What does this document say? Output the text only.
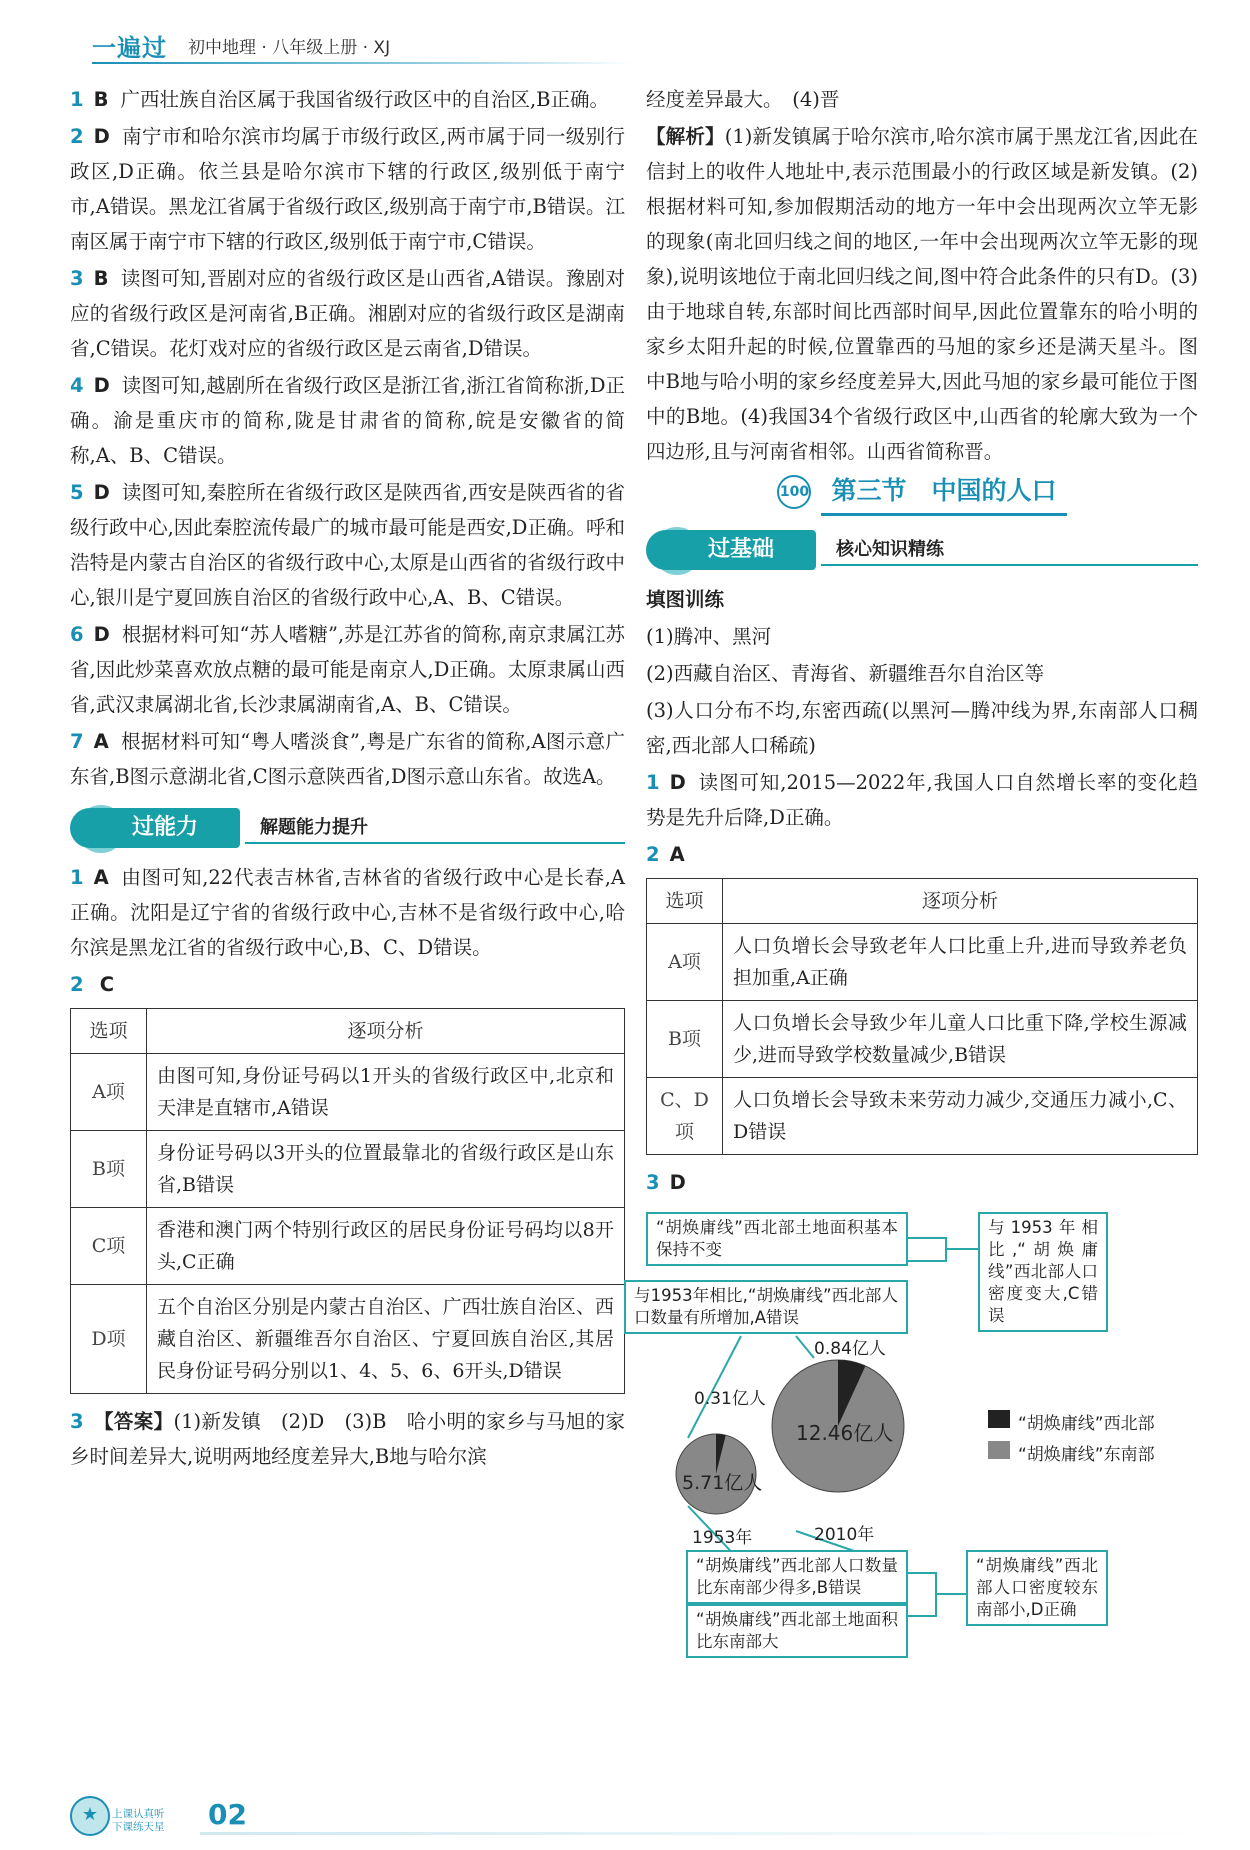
一遍过 初中地理 · 八年级上册 · XJ

1 B 广西壮族自治区属于我国省级行政区中的自治区,B正确。

2 D 南宁市和哈尔滨市均属于市级行政区,两市属于同一级别行政区,D正确。依兰县是哈尔滨市下辖的行政区,级别低于南宁市,A错误。黑龙江省属于省级行政区,级别高于南宁市,B错误。江南区属于南宁市下辖的行政区,级别低于南宁市,C错误。

3 B 读图可知,晋剧对应的省级行政区是山西省,A错误。豫剧对应的省级行政区是河南省,B正确。湘剧对应的省级行政区是湖南省,C错误。花灯戏对应的省级行政区是云南省,D错误。

4 D 读图可知,越剧所在省级行政区是浙江省,浙江省简称浙,D正确。渝是重庆市的简称,陇是甘肃省的简称,皖是安徽省的简称,A、B、C错误。

5 D 读图可知,秦腔所在省级行政区是陕西省,西安是陕西省的省级行政中心,因此秦腔流传最广的城市最可能是西安,D正确。呼和浩特是内蒙古自治区的省级行政中心,太原是山西省的省级行政中心,银川是宁夏回族自治区的省级行政中心,A、B、C错误。

6 D 根据材料可知“苏人嗜糖”,苏是江苏省的简称,南京隶属江苏省,因此炒菜喜欢放点糖的最可能是南京人,D正确。太原隶属山西省,武汉隶属湖北省,长沙隶属湖南省,A、B、C错误。

7 A 根据材料可知“粤人嗜淡食”,粤是广东省的简称,A图示意广东省,B图示意湖北省,C图示意陕西省,D图示意山东省。故选A。

过能力	解题能力提升

1 A 由图可知,22代表吉林省,吉林省的省级行政中心是长春,A正确。沈阳是辽宁省的省级行政中心,吉林不是省级行政中心,哈尔滨是黑龙江省的省级行政中心,B、C、D错误。

2 C

选项	逐项分析
A项	由图可知,身份证号码以1开头的省级行政区中,北京和天津是直辖市,A错误
B项	身份证号码以3开头的位置最靠北的省级行政区是山东省,B错误
C项	香港和澳门两个特别行政区的居民身份证号码均以8开头,C正确
D项	五个自治区分别是内蒙古自治区、广西壮族自治区、西藏自治区、新疆维吾尔自治区、宁夏回族自治区,其居民身份证号码分别以1、4、5、6、6开头,D错误

3 【答案】(1)新发镇　(2)D　(3)B　哈小明的家乡与马旭的家乡时间差异大,说明两地经度差异大,B地与哈尔滨

经度差异最大。　(4)晋

【解析】(1)新发镇属于哈尔滨市,哈尔滨市属于黑龙江省,因此在信封上的收件人地址中,表示范围最小的行政区域是新发镇。(2)根据材料可知,参加假期活动的地方一年中会出现两次立竿无影的现象(南北回归线之间的地区,一年中会出现两次立竿无影的现象),说明该地位于南北回归线之间,图中符合此条件的只有D。(3)由于地球自转,东部时间比西部时间早,因此位置靠东的哈小明的家乡太阳升起的时候,位置靠西的马旭的家乡还是满天星斗。图中B地与哈小明的家乡经度差异大,因此马旭的家乡最可能位于图中的B地。(4)我国34个省级行政区中,山西省的轮廓大致为一个四边形,且与河南省相邻。山西省简称晋。

100 第三节　中国的人口
过基础	核心知识精练

填图训练

(1)腾冲、黑河

(2)西藏自治区、青海省、新疆维吾尔自治区等

(3)人口分布不均,东密西疏(以黑河—腾冲线为界,东南部人口稠密,西北部人口稀疏)

1 D 读图可知,2015—2022年,我国人口自然增长率的变化趋势是先升后降,D正确。

2 A

选项	逐项分析
A项	人口负增长会导致老年人口比重上升,进而导致养老负担加重,A正确
B项	人口负增长会导致少年儿童人口比重下降,学校生源减少,进而导致学校数量减少,B错误
C、D项	人口负增长会导致未来劳动力减少,交通压力减小,C、D错误

3 D

“胡焕庸线”西北部土地面积基本保持不变
与1953年相比,“胡焕庸线”西北部人口数量有所增加,A错误
与1953年相比,“胡焕庸线”西北部人口密度变大,C错误
0.31亿人
5.71亿人
1953年
0.84亿人
12.46亿人
2010年
“胡焕庸线”西北部
“胡焕庸线”东南部
“胡焕庸线”西北部人口数量比东南部少得多,B错误
“胡焕庸线”西北部土地面积比东南部大
“胡焕庸线”西北部人口密度较东南部小,D正确
★	上课认真听
下课练天星 02
